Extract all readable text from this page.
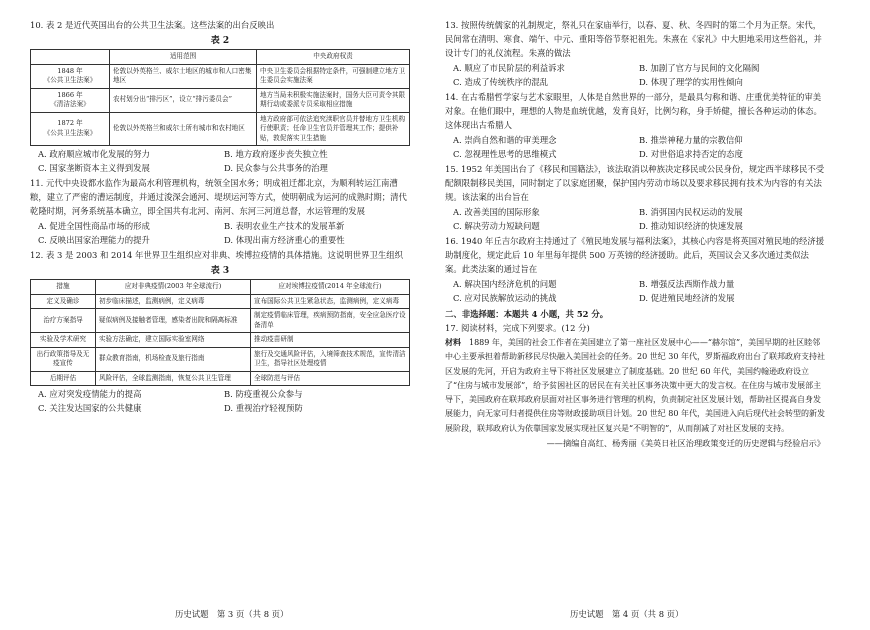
10. 表 2 是近代英国出台的公共卫生法案。这些法案的出台反映出

表 2
	适用范围	中央政府权责
1848 年
《公共卫生法案》	伦敦以外英格兰、威尔士地区的城市和人口密集地区	中央卫生委员会根据特定条件，可强制建立地方卫生委员会实施法案
1866 年
《清洁法案》	农村划分出“排污区”，设立“排污委员会”	地方当局未积极实施法案时，国务大臣可责令其限期行动或委派专员采取相应措施
1872 年
《公共卫生法案》	伦敦以外英格兰和威尔士所有城市和农村地区	地方政府部可依法追究渎职官员并替地方卫生机构行使职责；任命卫生官员并管理其工作；提供补贴，敦促落实卫生措施
A. 政府顺应城市化发展的努力	B. 地方政府逐步丧失独立性
C. 国家垄断资本主义得到发展	D. 民众参与公共事务的治理

11. 元代中央设都水监作为最高水利管理机构，统领全国水务；明成祖迁都北京，为顺利转运江南漕粮，建立了严密的漕运制度，并通过浚深会通河、堤坝运河等方式，使明朝成为运河的成熟时期；清代乾隆时期，河务系统基本确立，即全国共有北河、南河、东河三河道总督，水运管理的发展

A. 促进全国性商品市场的形成	B. 表明农业生产技术的发展革新
C. 反映出国家治理能力的提升	D. 体现出南方经济重心的重要性

12. 表 3 是 2003 和 2014 年世界卫生组织应对非典、埃博拉疫情的具体措施。这说明世界卫生组织

表 3
措施	应对非典疫情(2003 年全球流行)	应对埃博拉疫情(2014 年全球流行)
定义及确诊	初步临床描述，监测病例，定义病毒	宣布国际公共卫生紧急状态，监测病例，定义病毒
治疗方案指导	疑似病例及接触者管理，感染者出院和隔离标准	制定疫情临床管理，疾病预防指南，安全应急医疗设备清单
实验及学术研究	实验方法确定，建立国际实验室网络	推动疫苗研制
出行政策指导及无疫宣传	群众教育指南，机场检查及旅行指南	旅行及交通风险评估，入境筛查技术规范，宣传清洁卫生，指导社区处理疫情
后期评估	风险评估，全球监测指南，恢复公共卫生管理	全球防范与评估
A. 应对突发疫情能力的提高	B. 防疫重视公众参与
C. 关注发达国家的公共健康	D. 重视治疗轻视预防

13. 按照传统儒家的礼制规定，祭礼只在家庙举行，以春、夏、秋、冬四时的第二个月为正祭。宋代，民间常在清明、寒食、端午、中元、重阳等俗节祭祀祖先。朱熹在《家礼》中大胆地采用这些俗礼，并设计专门的礼仪流程。朱熹的做法

A. 顺应了市民阶层的利益诉求	B. 加剧了官方与民间的文化隔阂
C. 造成了传统秩序的混乱	D. 体现了理学的实用性倾向

14. 在古希腊哲学家与艺术家眼里，人体是自然世界的一部分，是最具匀称和谐、庄重优美特征的审美对象。在他们眼中，理想的人物是血统优越，发育良好，比例匀称，身手矫健，擅长各种运动的体态。这体现出古希腊人

A. 崇尚自然和谐的审美理念	B. 推崇神秘力量的宗教信仰
C. 忽视理性思考的思维模式	D. 对世俗追求持否定的态度

15. 1952 年美国出台了《移民和国籍法》，该法取消以种族决定移民或公民身份，规定西半球移民不受配额限制移民美国，同时制定了以家庭团聚，保护国内劳动市场以及要求移民拥有技术为内容的有关法规。该法案的出台旨在

A. 改善美国的国际形象	B. 消弭国内民权运动的发展
C. 解决劳动力短缺问题	D. 推动知识经济的快速发展

16. 1940 年丘吉尔政府主持通过了《殖民地发展与福利法案》，其核心内容是将英国对殖民地的经济援助制度化，规定此后 10 年里每年提供 500 万英镑的经济援助。此后，英国议会又多次通过类似法案。此类法案的通过旨在

A. 解决国内经济危机的问题	B. 增强反法西斯作战力量
C. 应对民族解放运动的挑战	D. 促进殖民地经济的发展
二、非选择题：本题共 4 小题，共 52 分。

17. 阅读材料，完成下列要求。(12 分)

材料　 1889 年，美国的社会工作者在美国建立了第一座社区发展中心——“赫尔馆”，美国早期的社区睦邻中心主要承担着帮助新移民尽快融入美国社会的任务。20 世纪 30 年代，罗斯福政府出台了联邦政府支持社区发展的先河，开启为政府主导下将社区发展建立了制度基础。20 世纪 60 年代，美国约翰逊政府设立了“住房与城市发展部”，给予贫困社区的居民在有关社区事务决策中更大的发言权。在住房与城市发展部主导下，美国政府在联邦政府层面对社区事务进行管理的机构，负责制定社区发展计划，帮助社区提高自身发展能力，向无家可归者提供住房等财政援助项目计划。20 世纪 80 年代，美国进入向后现代社会转型的新发展阶段，联邦政府认为依靠国家发展实现社区复兴是“不明智的”，从而削减了对社区发展的支持。

——摘编自高红、杨秀丽《美英日社区治理政策变迁的历史逻辑与经验启示》
历史试题　第 3 页（共 8 页）	历史试题　第 4 页（共 8 页）
